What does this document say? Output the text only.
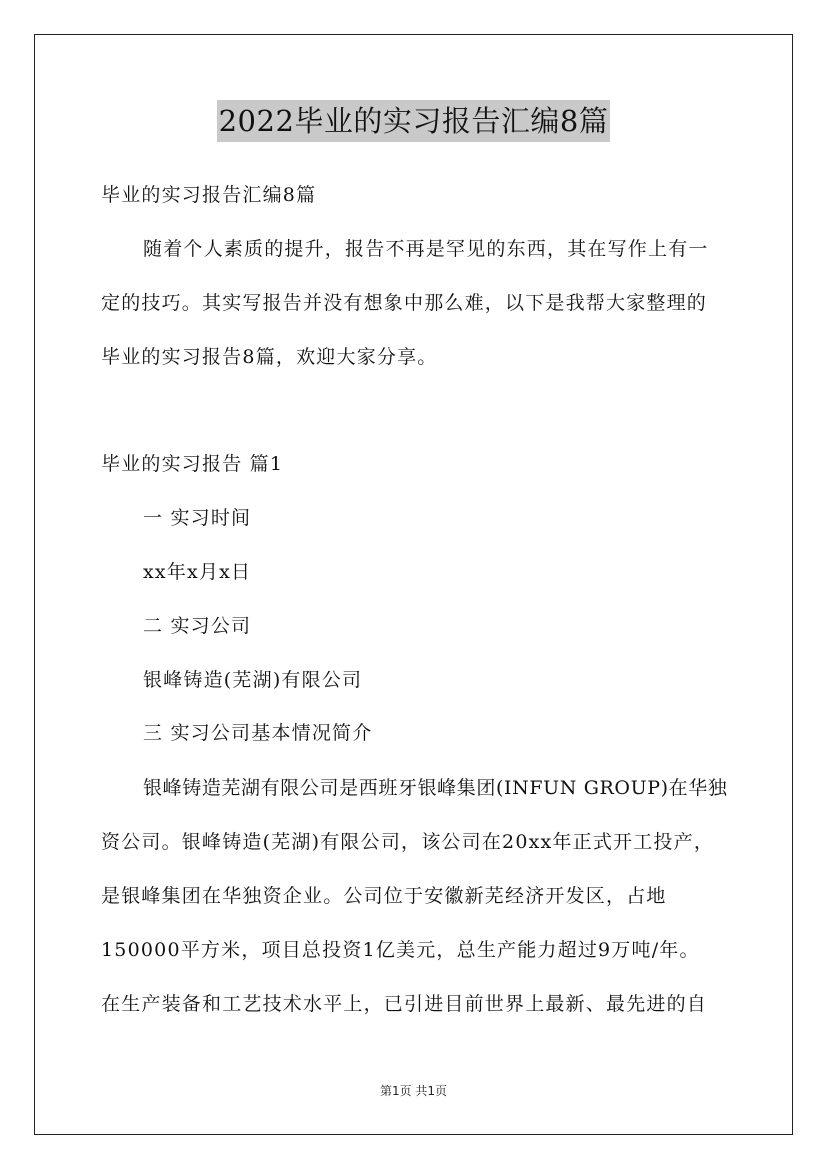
2022毕业的实习报告汇编8篇
毕业的实习报告汇编8篇
随着个人素质的提升，报告不再是罕见的东西，其在写作上有一
定的技巧。其实写报告并没有想象中那么难，以下是我帮大家整理的
毕业的实习报告8篇，欢迎大家分享。
毕业的实习报告 篇1
一 实习时间
xx年x月x日
二 实习公司
银峰铸造(芜湖)有限公司
三 实习公司基本情况简介
银峰铸造芜湖有限公司是西班牙银峰集团(INFUN GROUP)在华独
资公司。银峰铸造(芜湖)有限公司，该公司在20xx年正式开工投产，
是银峰集团在华独资企业。公司位于安徽新芜经济开发区，占地
150000平方米，项目总投资1亿美元，总生产能力超过9万吨/年。
在生产装备和工艺技术水平上，已引进目前世界上最新、最先进的自
第1页 共1页
